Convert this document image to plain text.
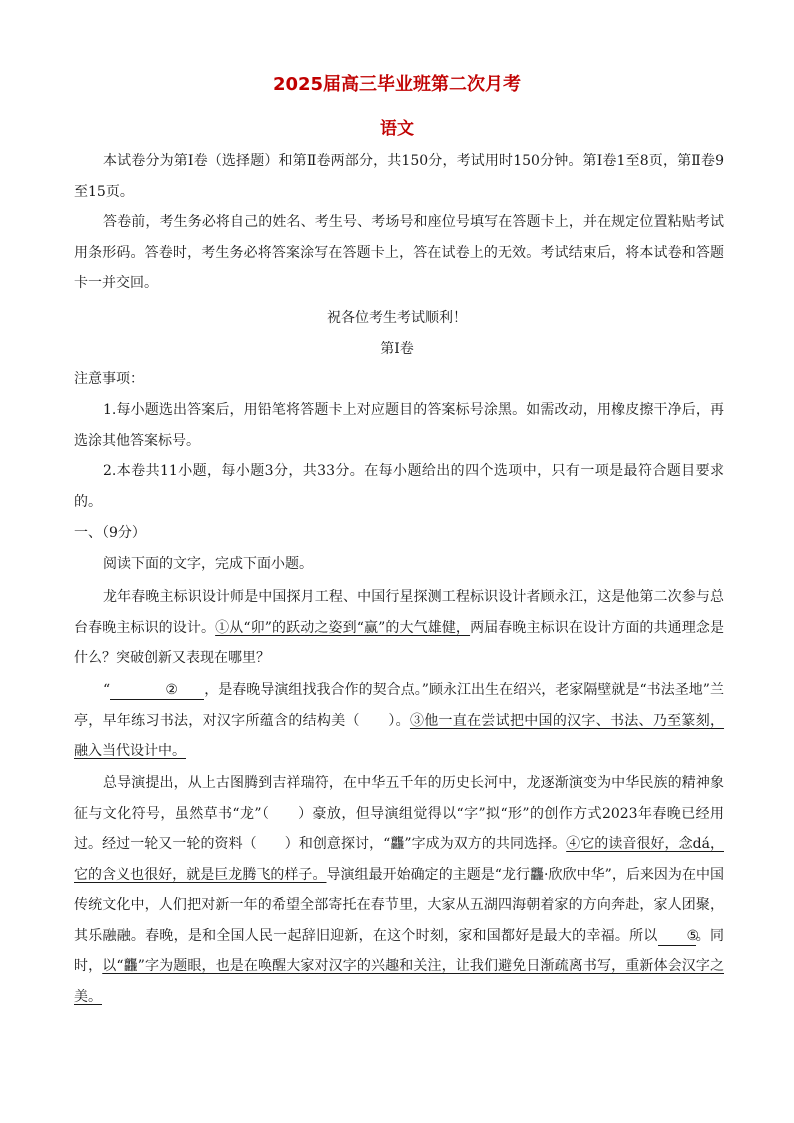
2025届高三毕业班第二次月考
语文
本试卷分为第Ⅰ卷（选择题）和第Ⅱ卷两部分，共150分，考试用时150分钟。第Ⅰ卷1至8页，第Ⅱ卷9至15页。
答卷前，考生务必将自己的姓名、考生号、考场号和座位号填写在答题卡上，并在规定位置粘贴考试用条形码。答卷时，考生务必将答案涂写在答题卡上，答在试卷上的无效。考试结束后，将本试卷和答题卡一并交回。
祝各位考生考试顺利！
第Ⅰ卷
注意事项：
1.每小题选出答案后，用铅笔将答题卡上对应题目的答案标号涂黑。如需改动，用橡皮擦干净后，再选涂其他答案标号。
2.本卷共11小题，每小题3分，共33分。在每小题给出的四个选项中，只有一项是最符合题目要求的。
一、（9分）
阅读下面的文字，完成下面小题。
龙年春晚主标识设计师是中国探月工程、中国行星探测工程标识设计者顾永江，这是他第二次参与总台春晚主标识的设计。①从“卯”的跃动之姿到“赢”的大气雄健，两届春晚主标识在设计方面的共通理念是什么？突破创新又表现在哪里？
“	② ，是春晚导演组找我合作的契合点。”顾永江出生在绍兴，老家隔壁就是“书法圣地”兰亭，早年练习书法，对汉字所蕴含的结构美（　　）。③他一直在尝试把中国的汉字、书法、乃至篆刻，融入当代设计中。
总导演提出，从上古图腾到吉祥瑞符，在中华五千年的历史长河中，龙逐渐演变为中华民族的精神象征与文化符号，虽然草书“龙”（　　）豪放，但导演组觉得以“字”拟“形”的创作方式2023年春晚已经用过。经过一轮又一轮的资料（　　）和创意探讨，“龘”字成为双方的共同选择。④它的读音很好，念dá，它的含义也很好，就是巨龙腾飞的样子。导演组最开始确定的主题是“龙行龘·欣欣中华”，后来因为在中国传统文化中，人们把对新一年的希望全部寄托在春节里，大家从五湖四海朝着家的方向奔赴，家人团聚，其乐融融。春晚，是和全国人民一起辞旧迎新，在这个时刻，家和国都好是最大的幸福。所以 ⑤。同时，以“龘”字为题眼，也是在唤醒大家对汉字的兴趣和关注，让我们避免日渐疏离书写，重新体会汉字之美。
